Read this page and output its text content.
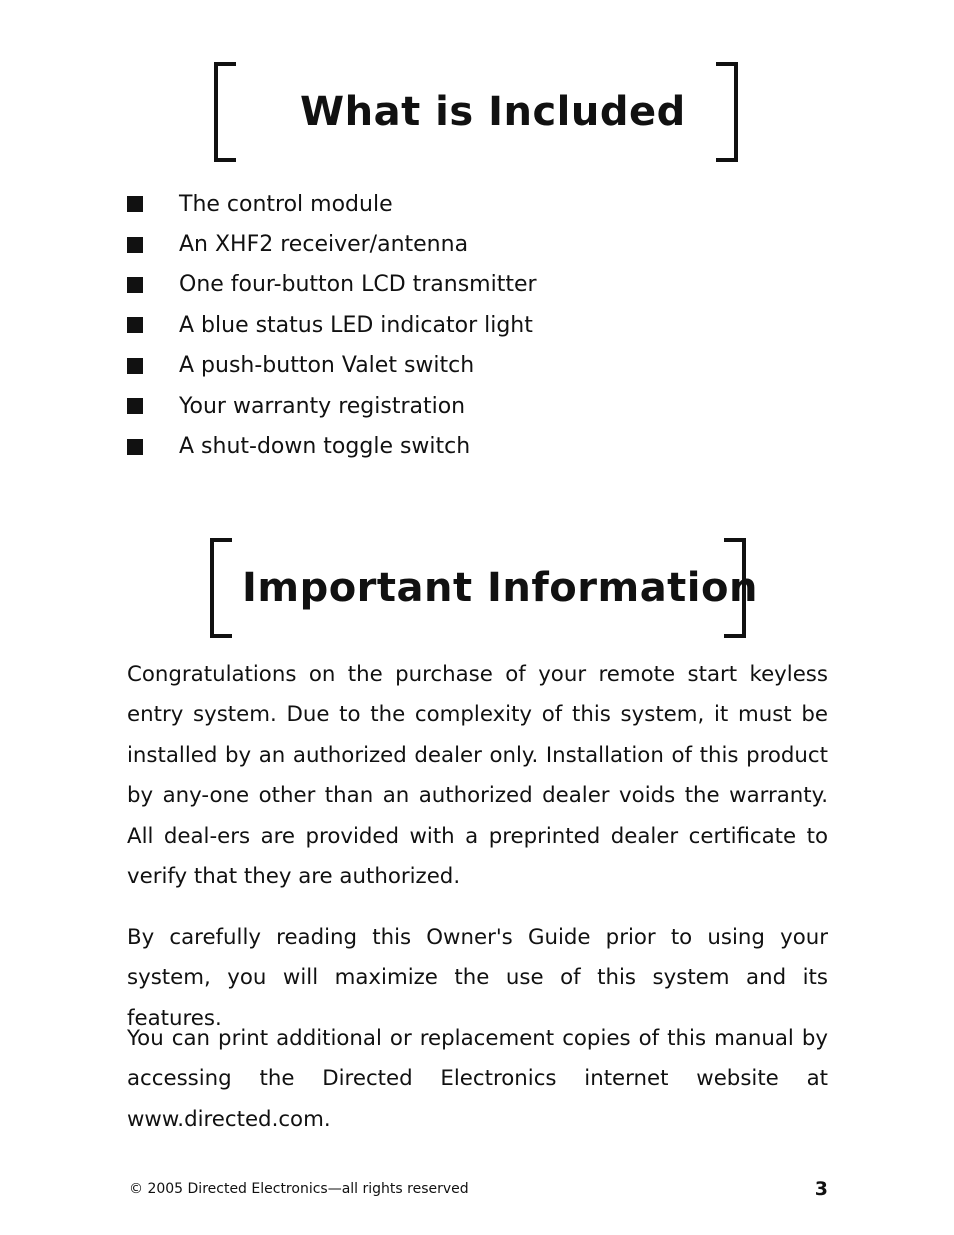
What is Included
The control module
An XHF2 receiver/antenna
One four-button LCD transmitter
A blue status LED indicator light
A push-button Valet switch
Your warranty registration
A shut-down toggle switch
Important Information

Congratulations on the purchase of your remote start keyless entry system. Due to the complexity of this system, it must be installed by an authorized dealer only. Installation of this product by any-one other than an authorized dealer voids the warranty. All deal-ers are provided with a preprinted dealer certificate to verify that they are authorized.

By carefully reading this Owner's Guide prior to using your system, you will maximize the use of this system and its features.

You can print additional or replacement copies of this manual by accessing the Directed Electronics internet website at www.directed.com.

© 2005 Directed Electronics—all rights reserved	3
